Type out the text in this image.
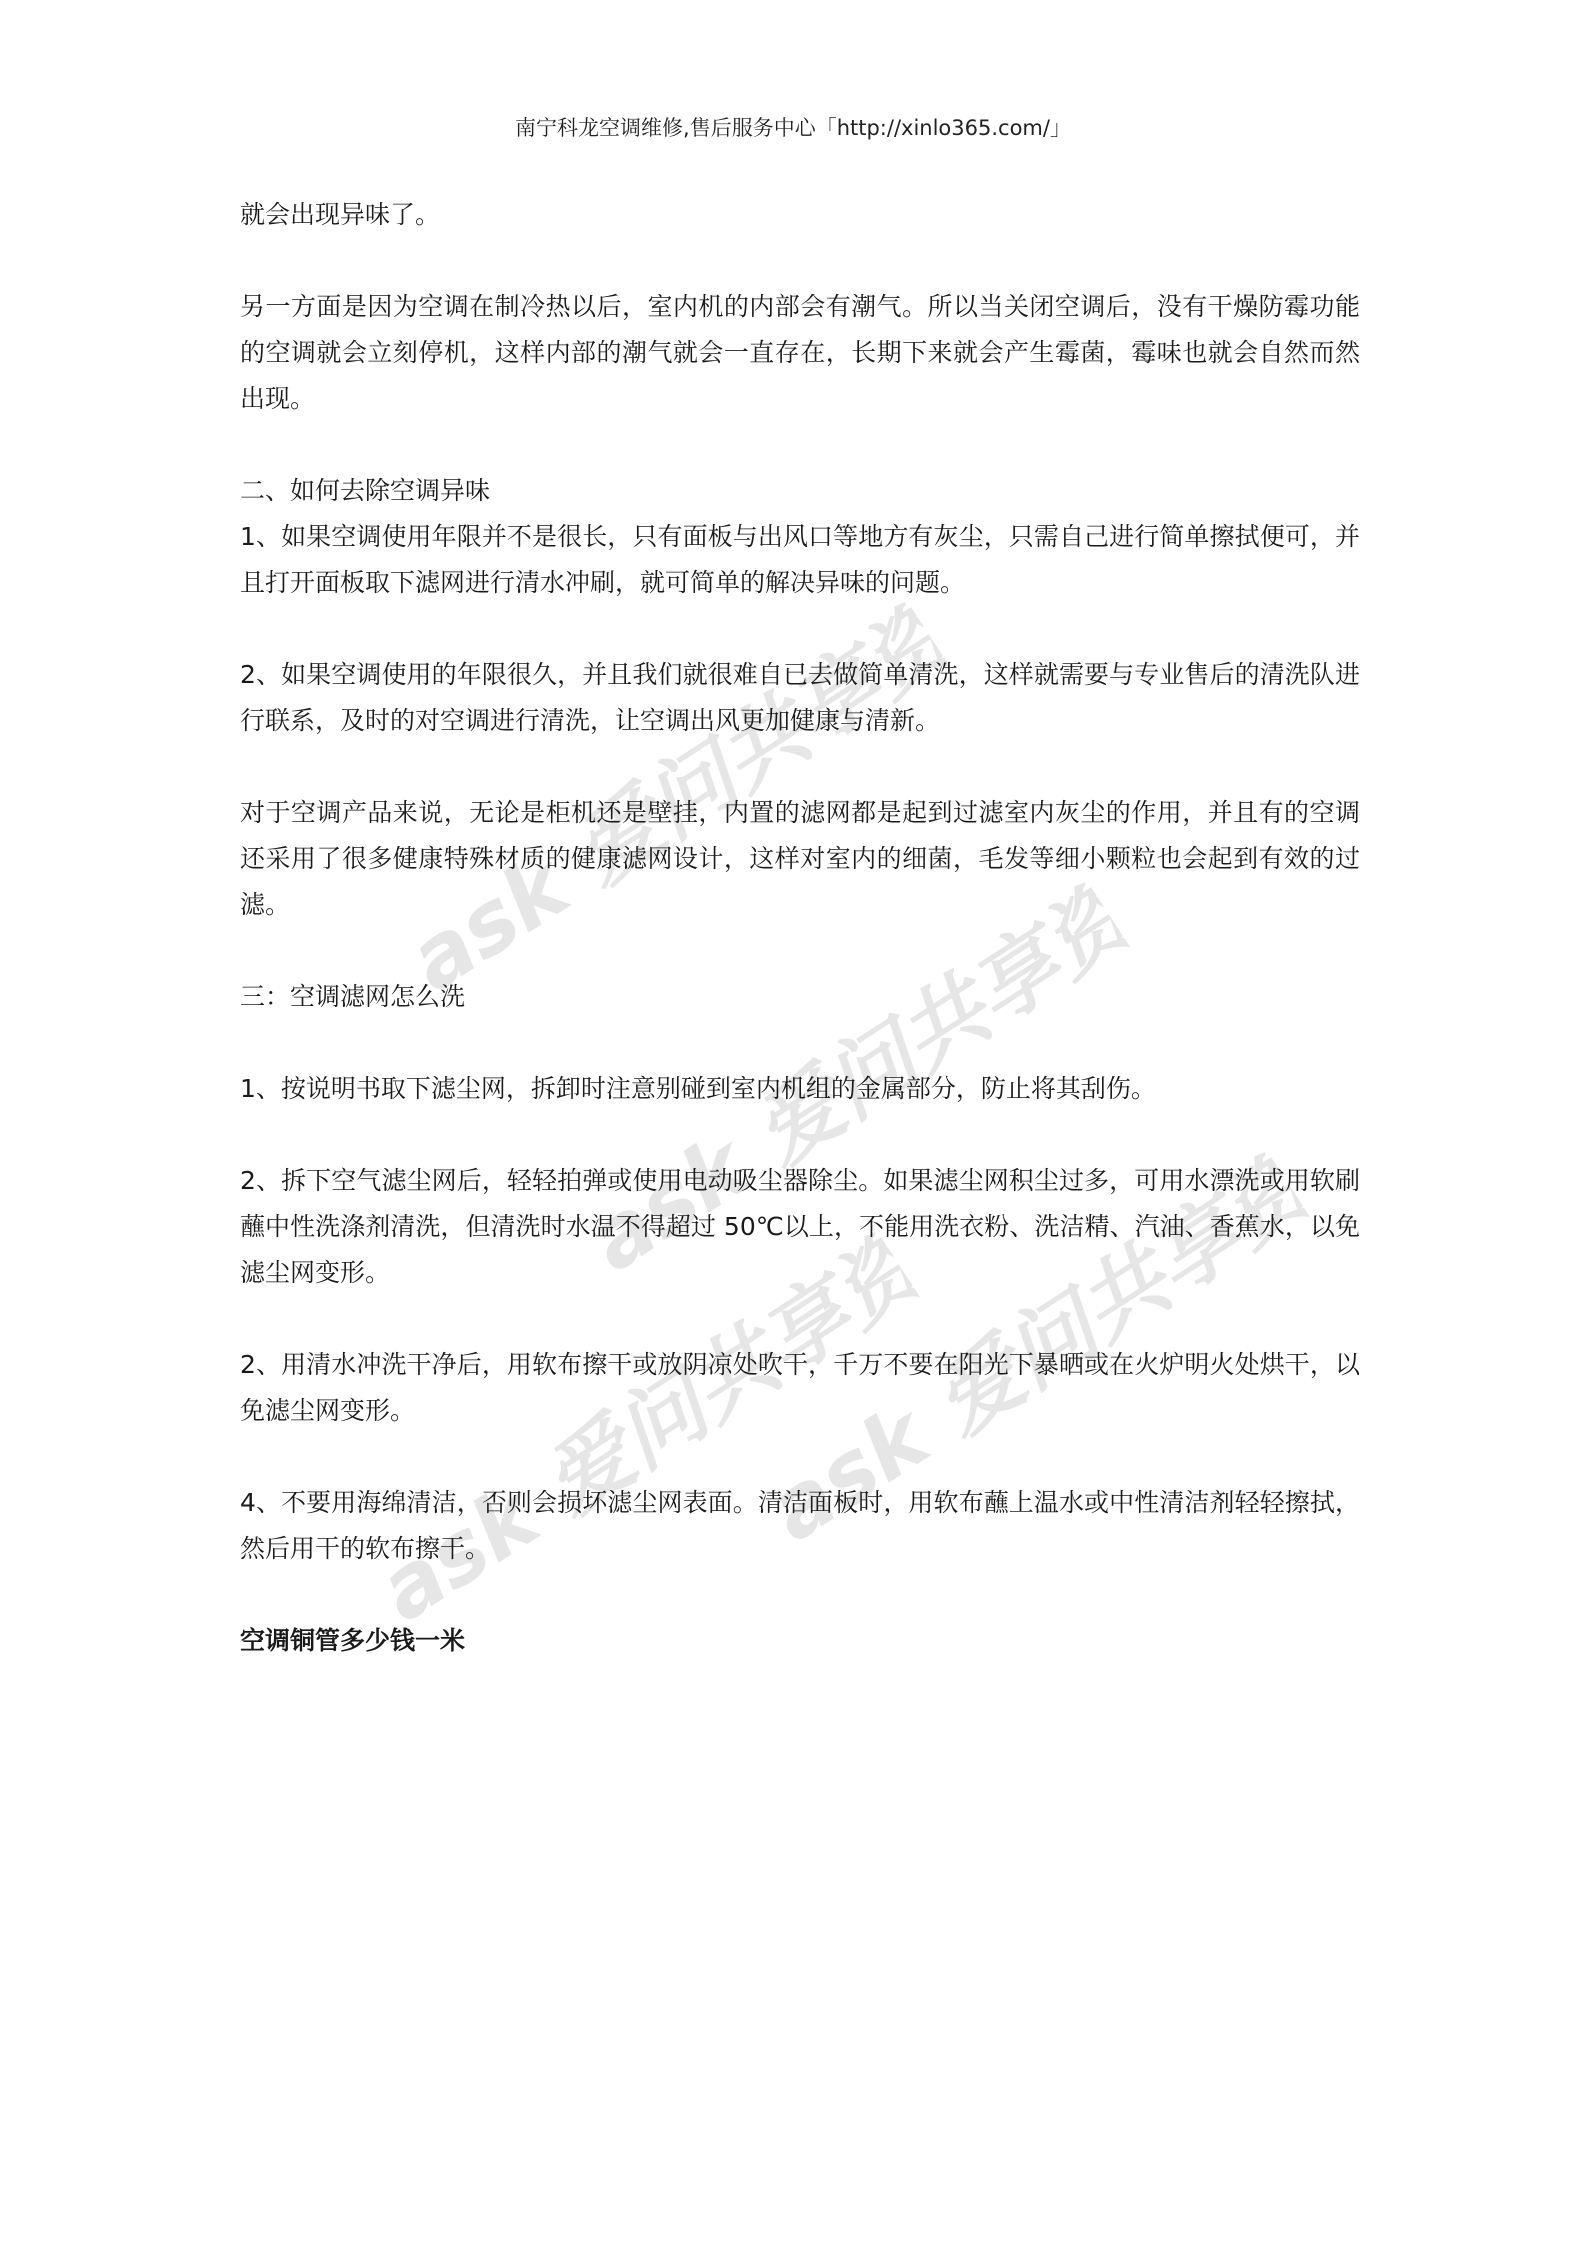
南宁科龙空调维修,售后服务中心「http://xinlo365.com/」
ask 爱问共享资料
ask 爱问共享资料
ask 爱问共享资料
ask 爱问共享资料

就会出现异味了。

另一方面是因为空调在制冷热以后，室内机的内部会有潮气。所以当关闭空调后，没有干燥防霉功能的空调就会立刻停机，这样内部的潮气就会一直存在，长期下来就会产生霉菌，霉味也就会自然而然出现。

二、如何去除空调异味

1、如果空调使用年限并不是很长，只有面板与出风口等地方有灰尘，只需自己进行简单擦拭便可，并且打开面板取下滤网进行清水冲刷，就可简单的解决异味的问题。

2、如果空调使用的年限很久，并且我们就很难自已去做简单清洗，这样就需要与专业售后的清洗队进行联系，及时的对空调进行清洗，让空调出风更加健康与清新。

对于空调产品来说，无论是柜机还是壁挂，内置的滤网都是起到过滤室内灰尘的作用，并且有的空调还采用了很多健康特殊材质的健康滤网设计，这样对室内的细菌，毛发等细小颗粒也会起到有效的过滤。

三：空调滤网怎么洗

1、按说明书取下滤尘网，拆卸时注意别碰到室内机组的金属部分，防止将其刮伤。

2、拆下空气滤尘网后，轻轻拍弹或使用电动吸尘器除尘。如果滤尘网积尘过多，可用水漂洗或用软刷蘸中性洗涤剂清洗，但清洗时水温不得超过 50℃以上，不能用洗衣粉、洗洁精、汽油、香蕉水，以免滤尘网变形。

2、用清水冲洗干净后，用软布擦干或放阴凉处吹干，千万不要在阳光下暴晒或在火炉明火处烘干，以免滤尘网变形。

4、不要用海绵清洁，否则会损坏滤尘网表面。清洁面板时，用软布蘸上温水或中性清洁剂轻轻擦拭，然后用干的软布擦干。

空调铜管多少钱一米
